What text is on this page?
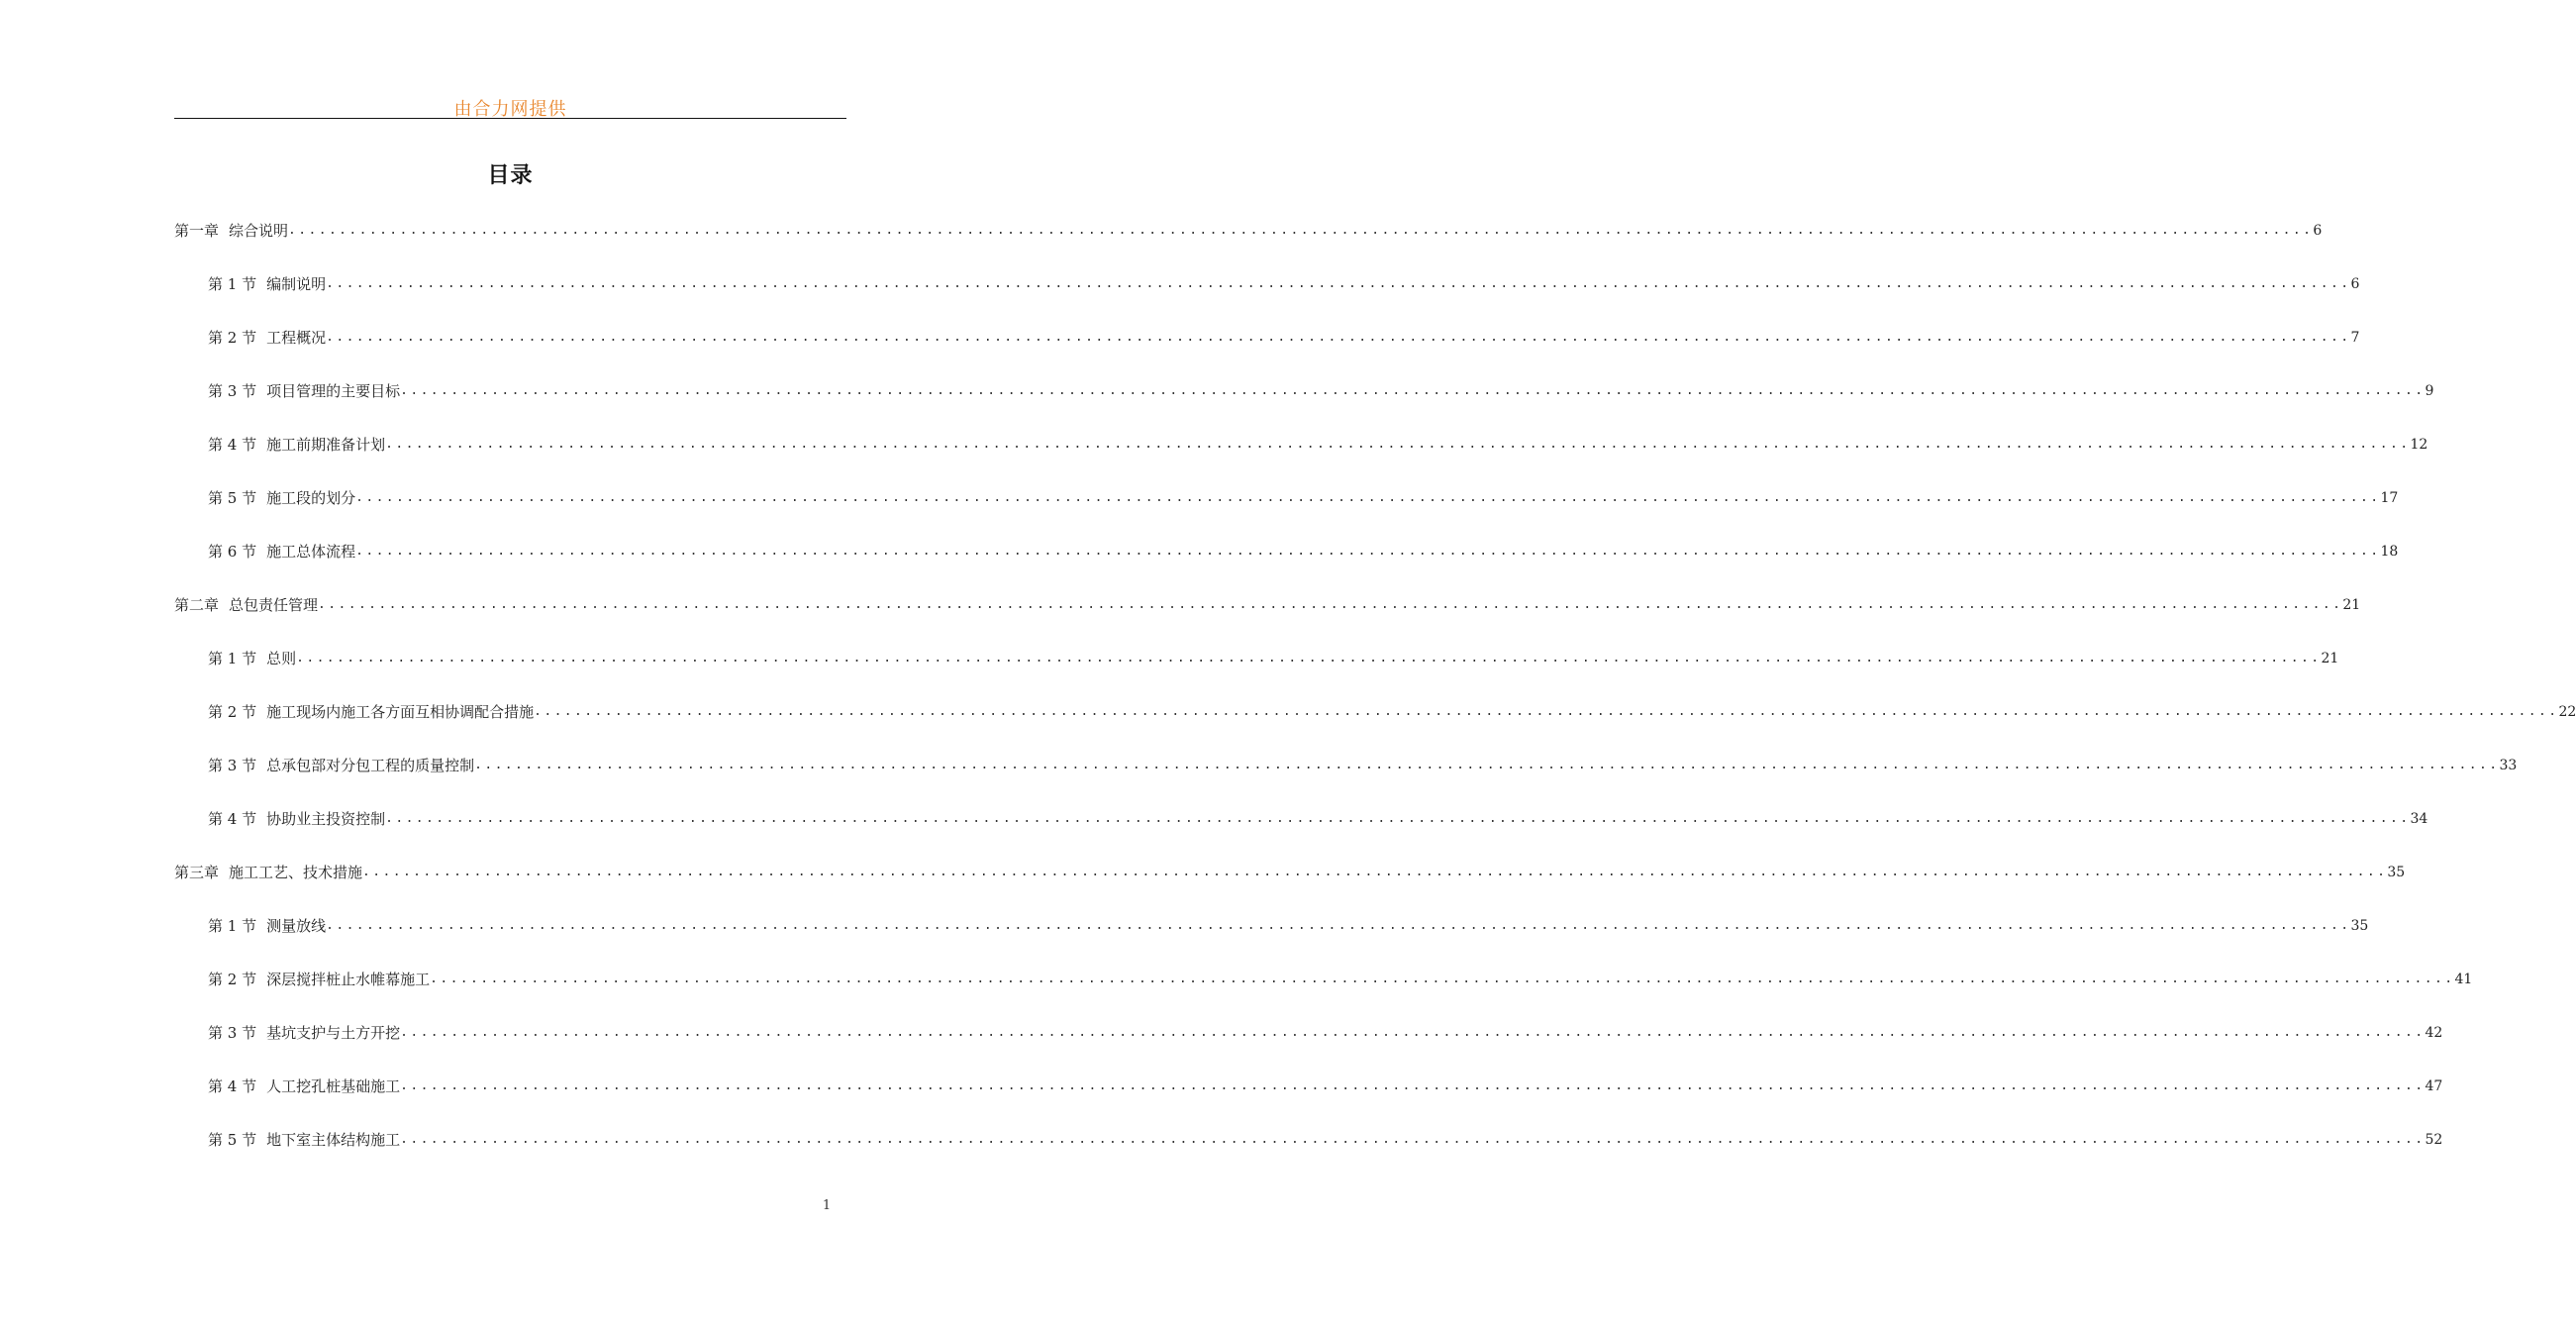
由合力网提供
目录
第一章 综合说明 ........................................................................................................................................................................................................ 6
第 1 节 编制说明 ........................................................................................................................................................................................................ 6
第 2 节 工程概况 ........................................................................................................................................................................................................ 7
第 3 节 项目管理的主要目标 ........................................................................................................................................................................................................ 9
第 4 节 施工前期准备计划 ........................................................................................................................................................................................................ 12
第 5 节 施工段的划分 ........................................................................................................................................................................................................ 17
第 6 节 施工总体流程 ........................................................................................................................................................................................................ 18
第二章 总包责任管理 ........................................................................................................................................................................................................ 21
第 1 节 总则 ........................................................................................................................................................................................................ 21
第 2 节 施工现场内施工各方面互相协调配合措施 ........................................................................................................................................................................................................ 22
第 3 节 总承包部对分包工程的质量控制 ........................................................................................................................................................................................................ 33
第 4 节 协助业主投资控制 ........................................................................................................................................................................................................ 34
第三章 施工工艺、技术措施 ........................................................................................................................................................................................................ 35
第 1 节 测量放线 ........................................................................................................................................................................................................ 35
第 2 节 深层搅拌桩止水帷幕施工 ........................................................................................................................................................................................................ 41
第 3 节 基坑支护与土方开挖 ........................................................................................................................................................................................................ 42
第 4 节 人工挖孔桩基础施工 ........................................................................................................................................................................................................ 47
第 5 节 地下室主体结构施工 ........................................................................................................................................................................................................ 52
1
